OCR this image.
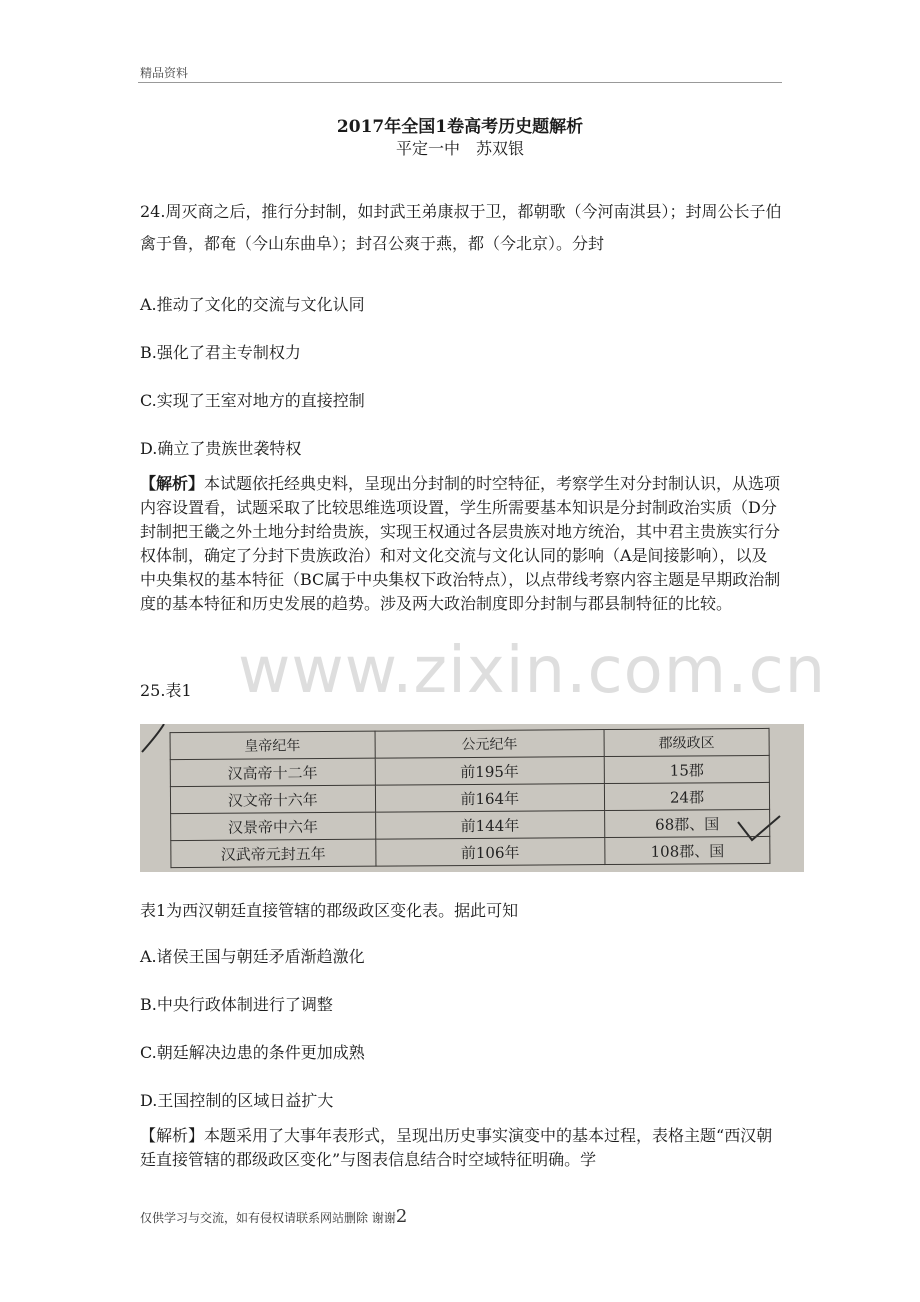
精品资料
2017年全国1卷高考历史题解析
平定一中　苏双银
24.周灭商之后，推行分封制，如封武王弟康叔于卫，都朝歌（今河南淇县）；封周公长子伯禽于鲁，都奄（今山东曲阜）；封召公爽于燕，都（今北京）。分封
A.推动了文化的交流与文化认同
B.强化了君主专制权力
C.实现了王室对地方的直接控制
D.确立了贵族世袭特权
【解析】本试题依托经典史料，呈现出分封制的时空特征，考察学生对分封制认识，从选项内容设置看，试题采取了比较思维选项设置，学生所需要基本知识是分封制政治实质（D分封制把王畿之外土地分封给贵族，实现王权通过各层贵族对地方统治，其中君主贵族实行分权体制，确定了分封下贵族政治）和对文化交流与文化认同的影响（A是间接影响），以及中央集权的基本特征（BC属于中央集权下政治特点），以点带线考察内容主题是早期政治制度的基本特征和历史发展的趋势。涉及两大政治制度即分封制与郡县制特征的比较。
www.zixin.com.cn
25.表1
皇帝纪年	公元纪年	郡级政区
汉高帝十二年	前195年	15郡
汉文帝十六年	前164年	24郡
汉景帝中六年	前144年	68郡、国
汉武帝元封五年	前106年	108郡、国
表1为西汉朝廷直接管辖的郡级政区变化表。据此可知
A.诸侯王国与朝廷矛盾渐趋激化
B.中央行政体制进行了调整
C.朝廷解决边患的条件更加成熟
D.王国控制的区域日益扩大
【解析】本题采用了大事年表形式，呈现出历史事实演变中的基本过程，表格主题“西汉朝廷直接管辖的郡级政区变化”与图表信息结合时空域特征明确。学
仅供学习与交流，如有侵权请联系网站删除 谢谢2
